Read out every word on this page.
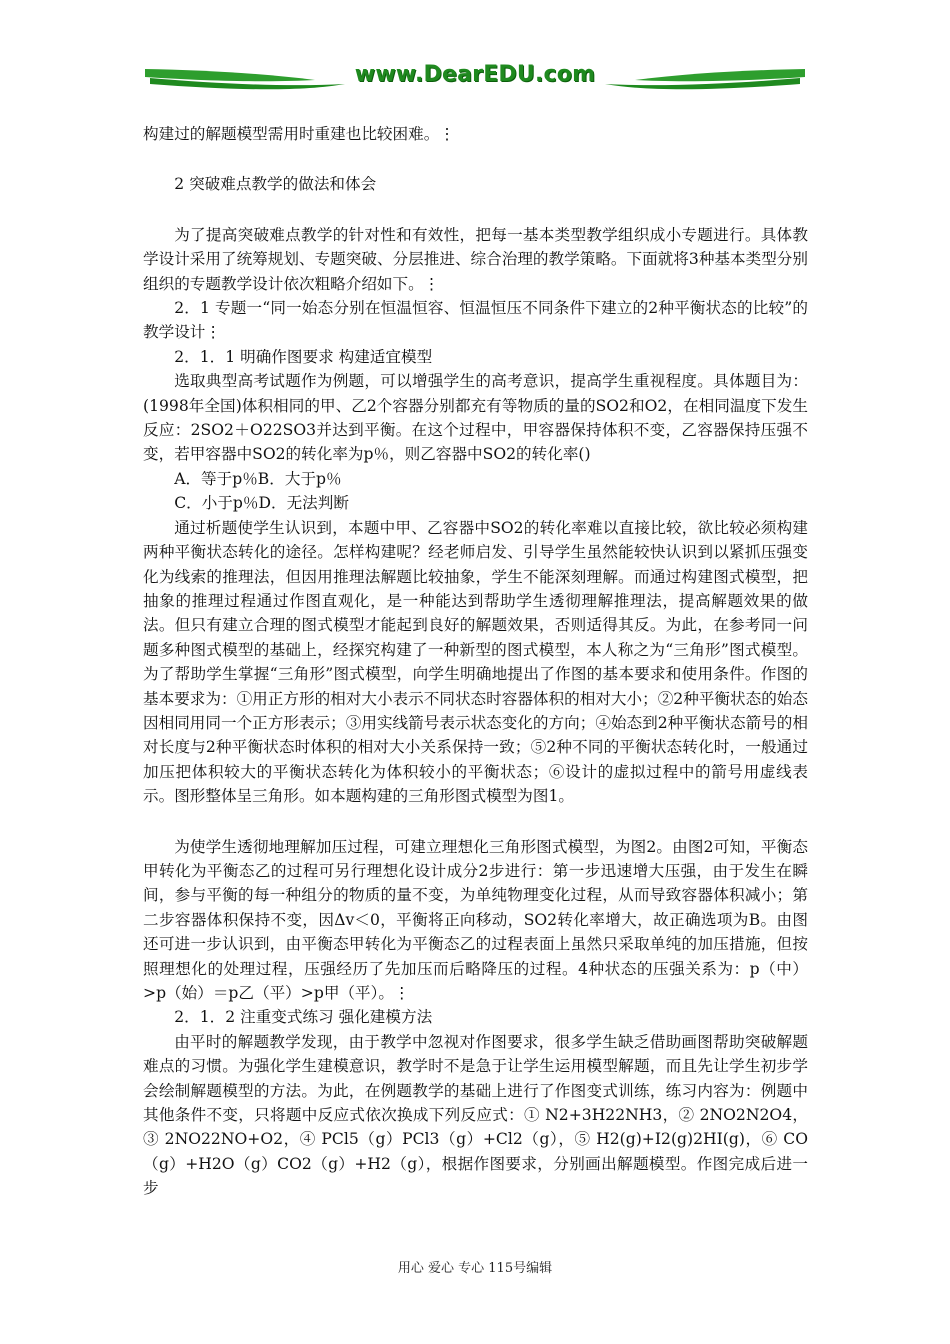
www.DearEDU.com

构建过的解题模型需用时重建也比较困难。⋮

2 突破难点教学的做法和体会

为了提高突破难点教学的针对性和有效性，把每一基本类型教学组织成小专题进行。具体教学设计采用了统筹规划、专题突破、分层推进、综合治理的教学策略。下面就将3种基本类型分别组织的专题教学设计依次粗略介绍如下。⋮

2．1 专题一“同一始态分别在恒温恒容、恒温恒压不同条件下建立的2种平衡状态的比较”的教学设计⋮

2．1．1 明确作图要求 构建适宜模型

选取典型高考试题作为例题，可以增强学生的高考意识，提高学生重视程度。具体题目为：(1998年全国)体积相同的甲、乙2个容器分别都充有等物质的量的SO2和O2，在相同温度下发生反应：2SO2＋O22SO3并达到平衡。在这个过程中，甲容器保持体积不变，乙容器保持压强不变，若甲容器中SO2的转化率为p％，则乙容器中SO2的转化率()

A．等于p％B．大于p％

C．小于p％D．无法判断

通过析题使学生认识到，本题中甲、乙容器中SO2的转化率难以直接比较，欲比较必须构建两种平衡状态转化的途径。怎样构建呢？经老师启发、引导学生虽然能较快认识到以紧抓压强变化为线索的推理法，但因用推理法解题比较抽象，学生不能深刻理解。而通过构建图式模型，把抽象的推理过程通过作图直观化，是一种能达到帮助学生透彻理解推理法，提高解题效果的做法。但只有建立合理的图式模型才能起到良好的解题效果，否则适得其反。为此，在参考同一问题多种图式模型的基础上，经探究构建了一种新型的图式模型，本人称之为“三角形”图式模型。为了帮助学生掌握“三角形”图式模型，向学生明确地提出了作图的基本要求和使用条件。作图的基本要求为：①用正方形的相对大小表示不同状态时容器体积的相对大小；②2种平衡状态的始态因相同用同一个正方形表示；③用实线箭号表示状态变化的方向；④始态到2种平衡状态箭号的相对长度与2种平衡状态时体积的相对大小关系保持一致；⑤2种不同的平衡状态转化时，一般通过加压把体积较大的平衡状态转化为体积较小的平衡状态；⑥设计的虚拟过程中的箭号用虚线表示。图形整体呈三角形。如本题构建的三角形图式模型为图1。

为使学生透彻地理解加压过程，可建立理想化三角形图式模型，为图2。由图2可知，平衡态甲转化为平衡态乙的过程可另行理想化设计成分2步进行：第一步迅速增大压强，由于发生在瞬间，参与平衡的每一种组分的物质的量不变，为单纯物理变化过程，从而导致容器体积减小；第二步容器体积保持不变，因Δv＜0，平衡将正向移动，SO2转化率增大，故正确选项为B。由图还可进一步认识到，由平衡态甲转化为平衡态乙的过程表面上虽然只采取单纯的加压措施，但按照理想化的处理过程，压强经历了先加压而后略降压的过程。4种状态的压强关系为：p（中）>p（始）＝p乙（平）>p甲（平）。⋮

2．1．2 注重变式练习 强化建模方法

由平时的解题教学发现，由于教学中忽视对作图要求，很多学生缺乏借助画图帮助突破解题难点的习惯。为强化学生建模意识，教学时不是急于让学生运用模型解题，而且先让学生初步学会绘制解题模型的方法。为此，在例题教学的基础上进行了作图变式训练，练习内容为：例题中其他条件不变，只将题中反应式依次换成下列反应式：① N2+3H22NH3，② 2NO2N2O4，③ 2NO22NO+O2，④ PCl5（g）PCl3（g）+Cl2（g），⑤ H2(g)+I2(g)2HI(g)，⑥ CO（g）+H2O（g）CO2（g）+H2（g），根据作图要求，分别画出解题模型。作图完成后进一步

用心 爱心 专心 115号编辑
